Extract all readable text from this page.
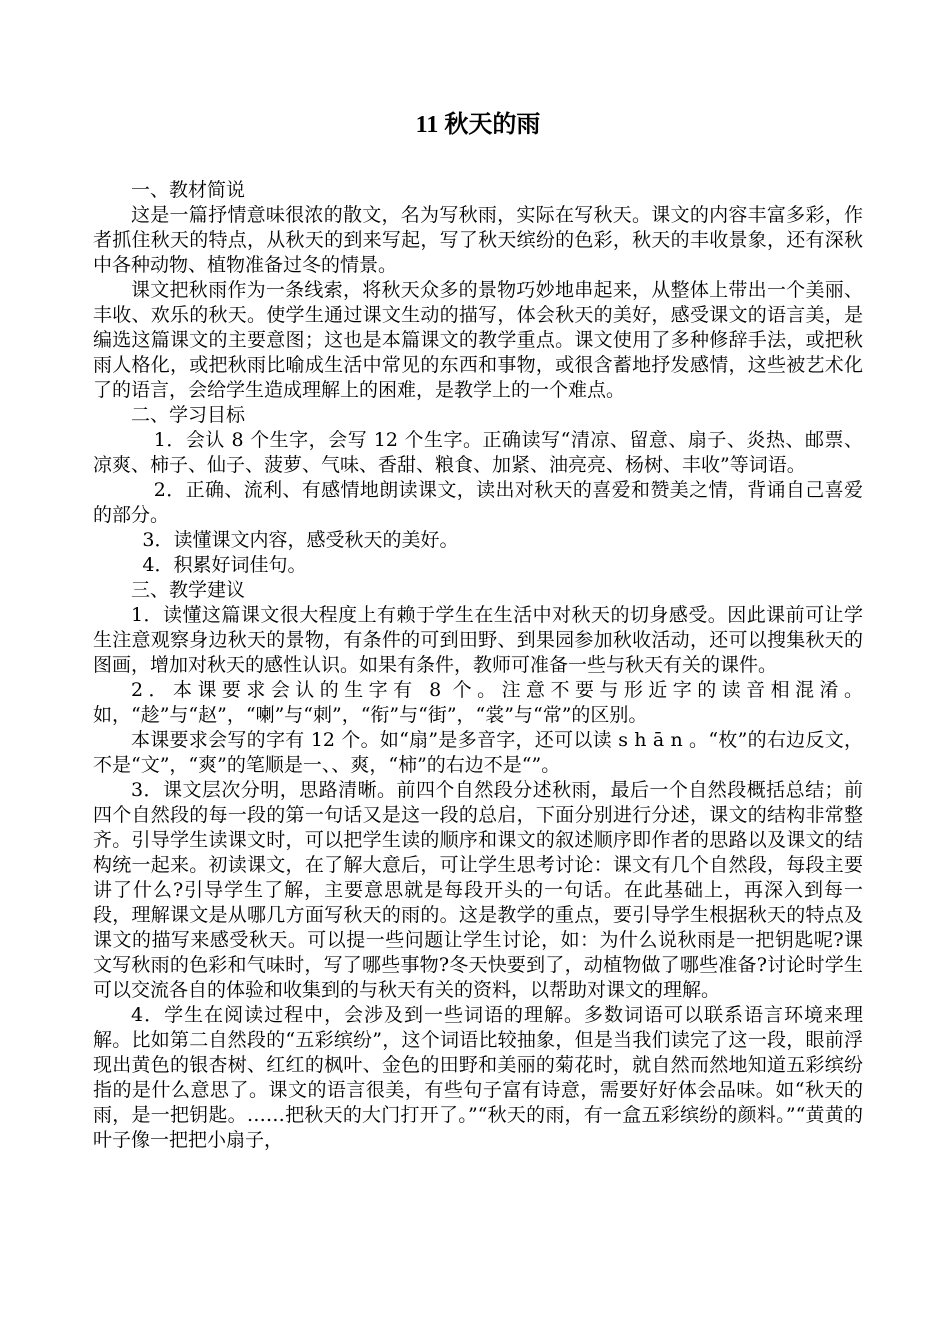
11 秋天的雨

一、教材简说

这是一篇抒情意味很浓的散文，名为写秋雨，实际在写秋天。课文的内容丰富多彩，作者抓住秋天的特点，从秋天的到来写起，写了秋天缤纷的色彩，秋天的丰收景象，还有深秋中各种动物、植物准备过冬的情景。

课文把秋雨作为一条线索，将秋天众多的景物巧妙地串起来，从整体上带出一个美丽、丰收、欢乐的秋天。使学生通过课文生动的描写，体会秋天的美好，感受课文的语言美，是编选这篇课文的主要意图；这也是本篇课文的教学重点。课文使用了多种修辞手法，或把秋雨人格化，或把秋雨比喻成生活中常见的东西和事物，或很含蓄地抒发感情，这些被艺术化了的语言，会给学生造成理解上的困难，是教学上的一个难点。

二、学习目标

1．会认 8 个生字，会写 12 个生字。正确读写“清凉、留意、扇子、炎热、邮票、凉爽、柿子、仙子、菠萝、气味、香甜、粮食、加紧、油亮亮、杨树、丰收”等词语。

2．正确、流利、有感情地朗读课文，读出对秋天的喜爱和赞美之情，背诵自己喜爱的部分。

3．读懂课文内容，感受秋天的美好。

4．积累好词佳句。

三、教学建议

1．读懂这篇课文很大程度上有赖于学生在生活中对秋天的切身感受。因此课前可让学生注意观察身边秋天的景物，有条件的可到田野、到果园参加秋收活动，还可以搜集秋天的图画，增加对秋天的感性认识。如果有条件，教师可准备一些与秋天有关的课件。

2．本课要求会认的生字有 8 个。注意不要与形近字的读音相混淆。如，“趁”与“赵”，“喇”与“刺”，“衔”与“街”，“裳”与“常”的区别。

本课要求会写的字有 12 个。如“扇”是多音字，还可以读 s h ā n 。“枚”的右边反文，不是“文”，“爽”的笔顺是一、、爽，“柿”的右边不是“”。

3．课文层次分明，思路清晰。前四个自然段分述秋雨，最后一个自然段概括总结；前四个自然段的每一段的第一句话又是这一段的总启，下面分别进行分述，课文的结构非常整齐。引导学生读课文时，可以把学生读的顺序和课文的叙述顺序即作者的思路以及课文的结构统一起来。初读课文，在了解大意后，可让学生思考讨论：课文有几个自然段，每段主要讲了什么?引导学生了解，主要意思就是每段开头的一句话。在此基础上，再深入到每一段，理解课文是从哪几方面写秋天的雨的。这是教学的重点，要引导学生根据秋天的特点及课文的描写来感受秋天。可以提一些问题让学生讨论，如：为什么说秋雨是一把钥匙呢?课文写秋雨的色彩和气味时，写了哪些事物?冬天快要到了，动植物做了哪些准备?讨论时学生可以交流各自的体验和收集到的与秋天有关的资料，以帮助对课文的理解。

4．学生在阅读过程中，会涉及到一些词语的理解。多数词语可以联系语言环境来理解。比如第二自然段的“五彩缤纷”，这个词语比较抽象，但是当我们读完了这一段，眼前浮现出黄色的银杏树、红红的枫叶、金色的田野和美丽的菊花时，就自然而然地知道五彩缤纷指的是什么意思了。课文的语言很美，有些句子富有诗意，需要好好体会品味。如“秋天的雨，是一把钥匙。……把秋天的大门打开了。”“秋天的雨，有一盒五彩缤纷的颜料。”“黄黄的叶子像一把把小扇子，
